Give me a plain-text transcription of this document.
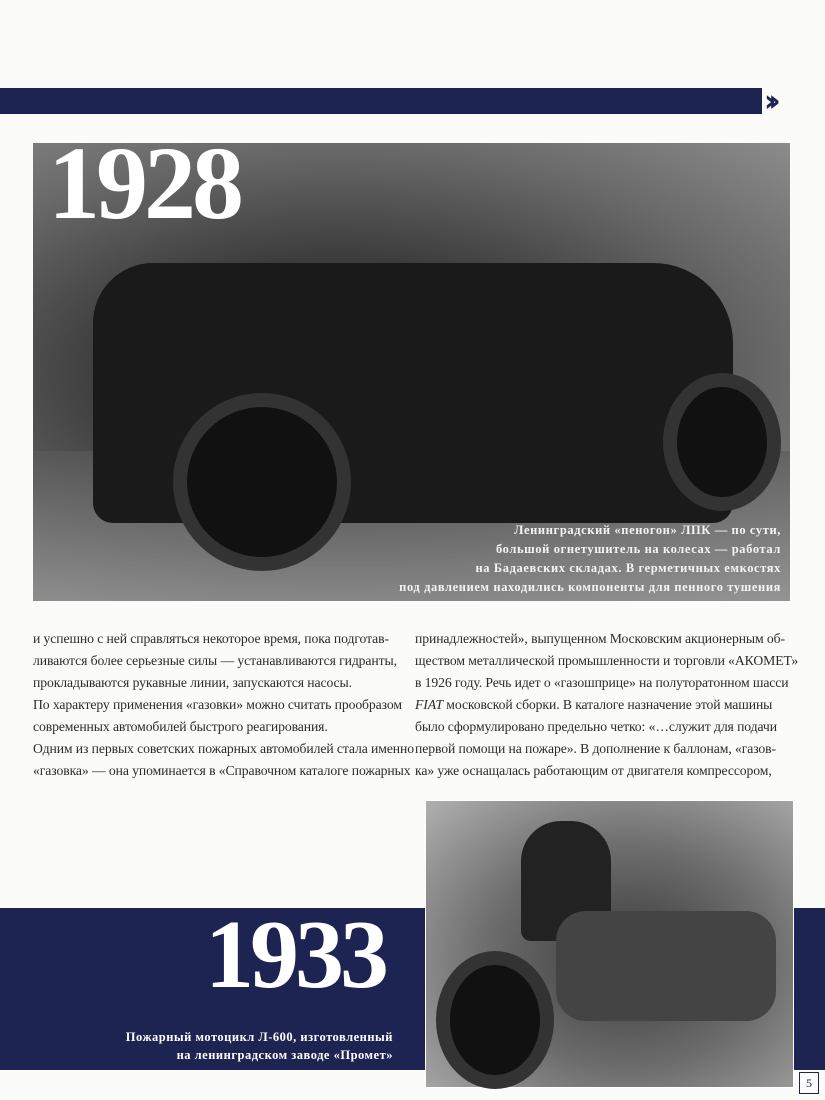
››
1928
Ленинградский «пеногон» ЛПК — по сути,
большой огнетушитель на колесах — работал
на Бадаевских складах. В герметичных емкостях
под давлением находились компоненты для пенного тушения

и успешно с ней справляться некоторое время, пока подготав-

ливаются более серьезные силы — устанавливаются гидранты,

прокладываются рукавные линии, запускаются насосы.

По характеру применения «газовки» можно считать прообразом

современных автомобилей быстрого реагирования.

Одним из первых советских пожарных автомобилей стала именно

«газовка» — она упоминается в «Справочном каталоге пожарных

принадлежностей», выпущенном Московским акционерным об-

ществом металлической промышленности и торговли «АКОМЕТ»

в 1926 году. Речь идет о «газошприце» на полуторатонном шасси

FIAT московской сборки. В каталоге назначение этой машины

было сформулировано предельно четко: «…служит для подачи

первой помощи на пожаре». В дополнение к баллонам, «газов-

ка» уже оснащалась работающим от двигателя компрессором,

1933
Пожарный мотоцикл Л-600, изготовленный
на ленинградском заводе «Промет»
5
